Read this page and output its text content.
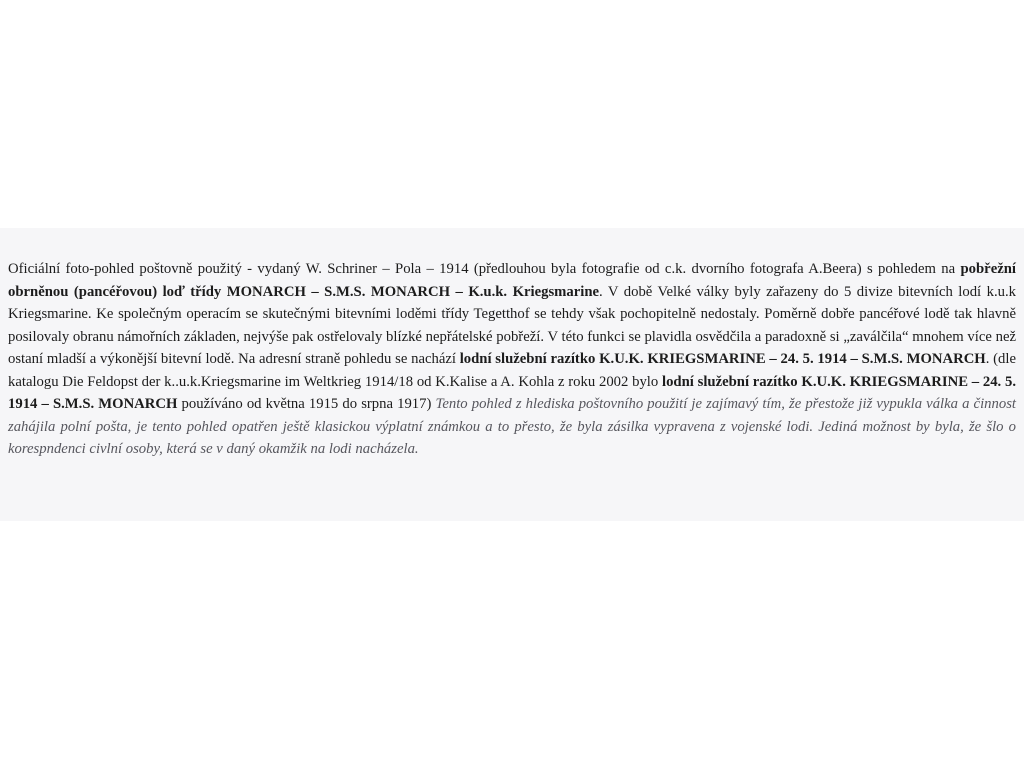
Oficiální foto-pohled poštovně použitý - vydaný W. Schriner – Pola – 1914 (předlouhou byla fotografie od c.k. dvorního fotografa A.Beera) s pohledem na pobřežní obrněnou (pancéřovou) loď třídy MONARCH – S.M.S. MONARCH – K.u.k. Kriegsmarine. V době Velké války byly zařazeny do 5 divize bitevních lodí k.u.k Kriegsmarine. Ke společným operacím se skutečnými bitevními loděmi třídy Tegetthof se tehdy však pochopitelně nedostaly. Poměrně dobře pancéřové lodě tak hlavně posilovaly obranu námořních základen, nejvýše pak ostřelovaly blízké nepřátelské pobřeží. V této funkci se plavidla osvědčila a paradoxně si „zaválčila“ mnohem více než ostaní mladší a výkonější bitevní lodě. Na adresní straně pohledu se nachází lodní služební razítko K.U.K. KRIEGSMARINE – 24. 5. 1914 – S.M.S. MONARCH. (dle katalogu Die Feldopst der k..u.k.Kriegsmarine im Weltkrieg 1914/18 od K.Kalise a A. Kohla z roku 2002 bylo lodní služební razítko K.U.K. KRIEGSMARINE – 24. 5. 1914 – S.M.S. MONARCH používáno od května 1915 do srpna 1917) Tento pohled z hlediska poštovního použití je zajímavý tím, že přestože již vypukla válka a činnost zahájila polní pošta, je tento pohled opatřen ještě klasickou výplatní známkou a to přesto, že byla zásilka vypravena z vojenské lodi. Jediná možnost by byla, že šlo o korespndenci civlní osoby, která se v daný okamžik na lodi nacházela.
